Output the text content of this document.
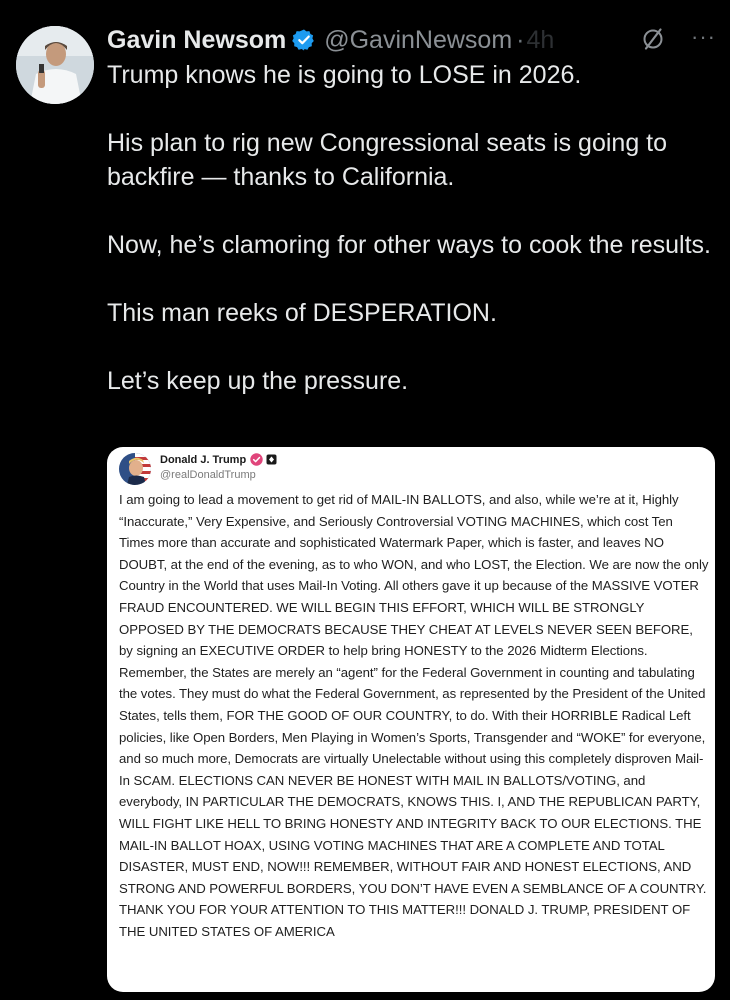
Gavin Newsom @GavinNewsom · 4h	···

Trump knows he is going to LOSE in 2026.

His plan to rig new Congressional seats is going to backfire — thanks to California.

Now, he’s clamoring for other ways to cook the results.

This man reeks of DESPERATION.

Let’s keep up the pressure.

Donald J. Trump
@realDonaldTrump
I am going to lead a movement to get rid of MAIL-IN BALLOTS, and also, while we’re at it, Highly “Inaccurate,” Very Expensive, and Seriously Controversial VOTING MACHINES, which cost Ten Times more than accurate and sophisticated Watermark Paper, which is faster, and leaves NO DOUBT, at the end of the evening, as to who WON, and who LOST, the Election. We are now the only Country in the World that uses Mail-In Voting. All others gave it up because of the MASSIVE VOTER FRAUD ENCOUNTERED. WE WILL BEGIN THIS EFFORT, WHICH WILL BE STRONGLY OPPOSED BY THE DEMOCRATS BECAUSE THEY CHEAT AT LEVELS NEVER SEEN BEFORE, by signing an EXECUTIVE ORDER to help bring HONESTY to the 2026 Midterm Elections. Remember, the States are merely an “agent” for the Federal Government in counting and tabulating the votes. They must do what the Federal Government, as represented by the President of the United States, tells them, FOR THE GOOD OF OUR COUNTRY, to do. With their HORRIBLE Radical Left policies, like Open Borders, Men Playing in Women’s Sports, Transgender and “WOKE” for everyone, and so much more, Democrats are virtually Unelectable without using this completely disproven Mail-In SCAM. ELECTIONS CAN NEVER BE HONEST WITH MAIL IN BALLOTS/VOTING, and everybody, IN PARTICULAR THE DEMOCRATS, KNOWS THIS. I, AND THE REPUBLICAN PARTY, WILL FIGHT LIKE HELL TO BRING HONESTY AND INTEGRITY BACK TO OUR ELECTIONS. THE MAIL-IN BALLOT HOAX, USING VOTING MACHINES THAT ARE A COMPLETE AND TOTAL DISASTER, MUST END, NOW!!! REMEMBER, WITHOUT FAIR AND HONEST ELECTIONS, AND STRONG AND POWERFUL BORDERS, YOU DON’T HAVE EVEN A SEMBLANCE OF A COUNTRY. THANK YOU FOR YOUR ATTENTION TO THIS MATTER!!! DONALD J. TRUMP, PRESIDENT OF THE UNITED STATES OF AMERICA
